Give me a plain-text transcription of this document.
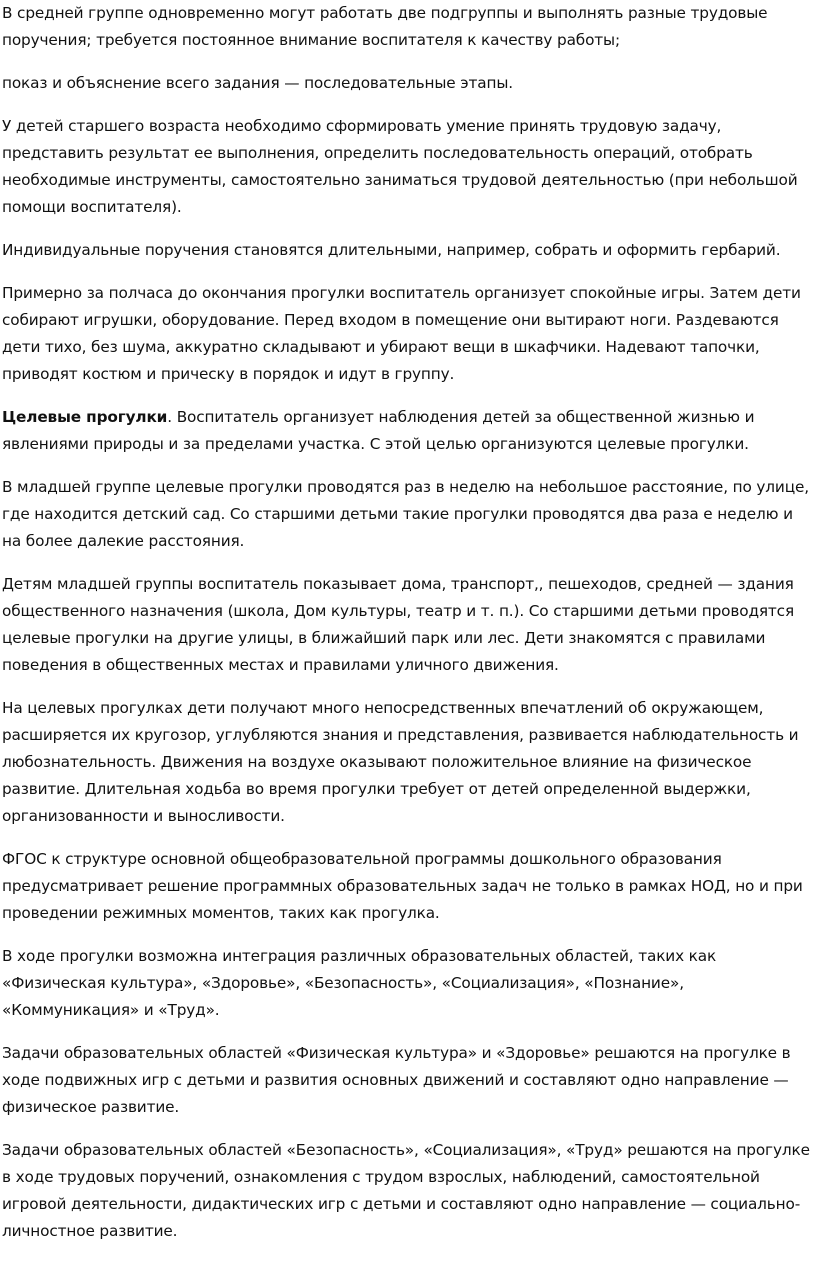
В средней группе одновременно могут работать две подгруппы и выполнять разные трудовые поручения; требуется постоянное внимание воспитателя к качеству работы;

показ и объяснение всего задания — последовательные этапы.

У детей старшего возраста необходимо сформировать умение принять трудовую задачу, представить результат ее выполнения, определить последовательность операций, отобрать необходимые инструменты, самостоятельно заниматься трудовой деятельностью (при небольшой помощи воспитателя).

Индивидуальные поручения становятся длительными, например, собрать и оформить гербарий.

Примерно за полчаса до окончания прогулки воспитатель организует спокойные игры. Затем дети собирают игрушки, оборудование. Перед входом в помещение они вытирают ноги. Раздеваются дети тихо, без шума, аккуратно складывают и убирают вещи в шкафчики. Надевают тапочки, приводят костюм и прическу в порядок и идут в группу.

Целевые прогулки. Воспитатель организует наблюдения детей за общественной жизнью и явлениями природы и за пределами участка. С этой целью организуются целевые прогулки.

В младшей группе целевые прогулки проводятся раз в неделю на небольшое расстояние, по улице, где находится детский сад. Со старшими детьми такие прогулки проводятся два раза е неделю и на более далекие расстояния.

Детям младшей группы воспитатель показывает дома, транспорт,, пешеходов, средней — здания общественного назначения (школа, Дом культуры, театр и т. п.). Со старшими детьми проводятся целевые прогулки на другие улицы, в ближайший парк или лес. Дети знакомятся с правилами поведения в общественных местах и правилами уличного движения.

На целевых прогулках дети получают много непосредственных впечатлений об окружающем, расширяется их кругозор, углубляются знания и представления, развивается наблюдательность и любознательность. Движения на воздухе оказывают положительное влияние на физическое развитие. Длительная ходьба во время прогулки требует от детей определенной выдержки, организованности и выносливости.

ФГОС к структуре основной общеобразовательной программы дошкольного образования предусматривает решение программных образовательных задач не только в рамках НОД, но и при проведении режимных моментов, таких как прогулка.

В ходе прогулки возможна интеграция различных образовательных областей, таких как «Физическая культура», «Здоровье», «Безопасность», «Социализация», «Познание», «Коммуникация» и «Труд».

Задачи образовательных областей «Физическая культура» и «Здоровье» решаются на прогулке в ходе подвижных игр с детьми и развития основных движений и составляют одно направление — физическое развитие.

Задачи образовательных областей «Безопасность», «Социализация», «Труд» решаются на прогулке в ходе трудовых поручений, ознакомления с трудом взрослых, наблюдений, самостоятельной игровой деятельности, дидактических игр с детьми и составляют одно направление — социально-личностное развитие.
